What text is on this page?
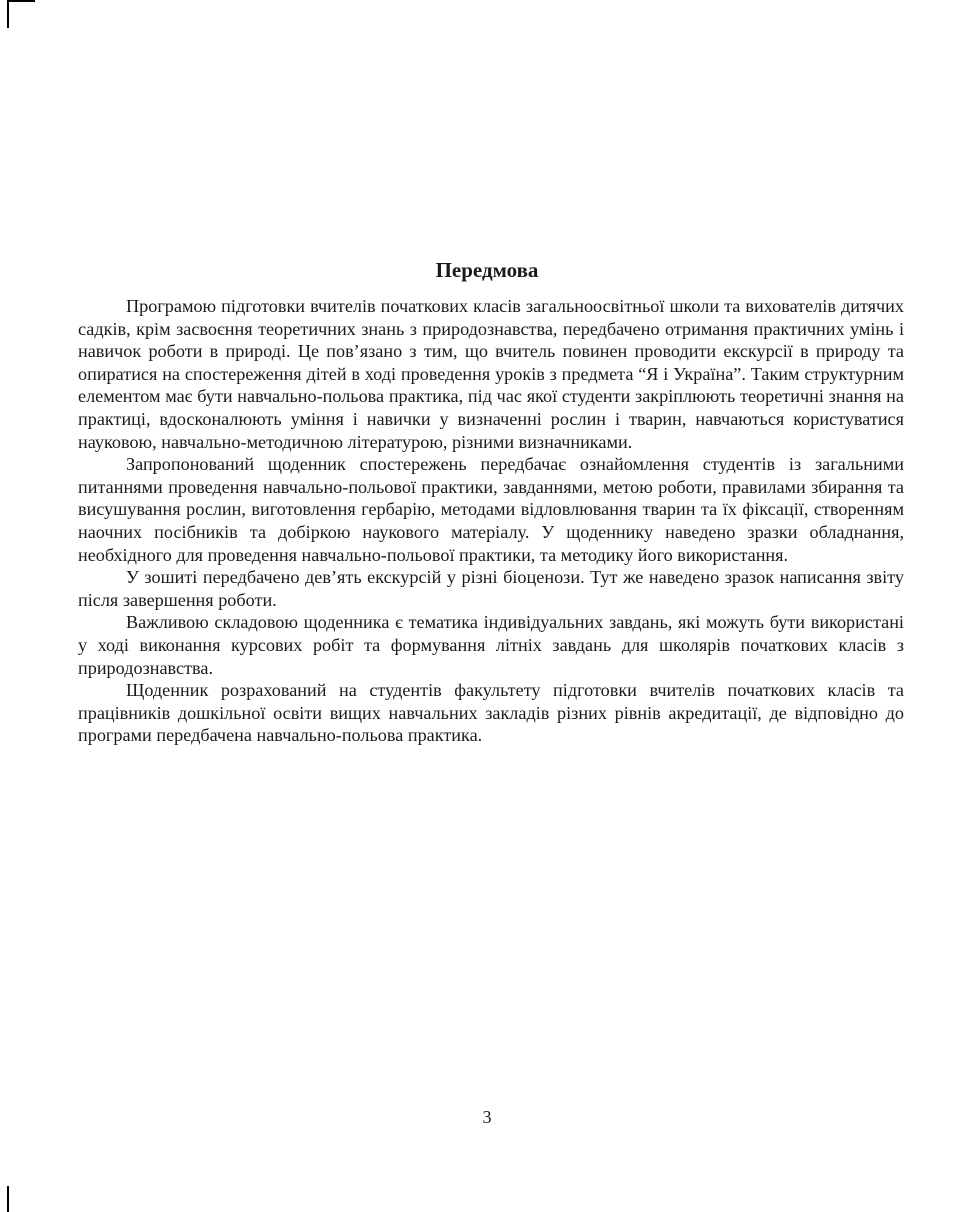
Передмова

Програмою підготовки вчителів початкових класів загальноосвітньої школи та вихователів дитячих садків, крім засвоєння теоретичних знань з природознавства, передбачено отримання практичних умінь і навичок роботи в природі. Це пов’язано з тим, що вчитель повинен проводити екскурсії в природу та опиратися на спостереження дітей в ході проведення уроків з предмета “Я і Україна”. Таким структурним елементом має бути навчально-польова практика, під час якої студенти закріплюють теоретичні знання на практиці, вдосконалюють уміння і навички у визначенні рослин і тварин, навчаються користуватися науковою, навчально-методичною літературою, різними визначниками.

Запропонований щоденник спостережень передбачає ознайомлення студентів із загальними питаннями проведення навчально-польової практики, завданнями, метою роботи, правилами збирання та висушування рослин, виготовлення гербарію, методами відловлювання тварин та їх фіксації, створенням наочних посібників та добіркою наукового матеріалу. У щоденнику наведено зразки обладнання, необхідного для проведення навчально-польової практики, та методику його використання.

У зошиті передбачено дев’ять екскурсій у різні біоценози. Тут же наведено зразок написання звіту після завершення роботи.

Важливою складовою щоденника є тематика індивідуальних завдань, які можуть бути використані у ході виконання курсових робіт та формування літніх завдань для школярів початкових класів з природознавства.

Щоденник розрахований на студентів факультету підготовки вчителів початкових класів та працівників дошкільної освіти вищих навчальних закладів різних рівнів акредитації, де відповідно до програми передбачена навчально-польова практика.

3
